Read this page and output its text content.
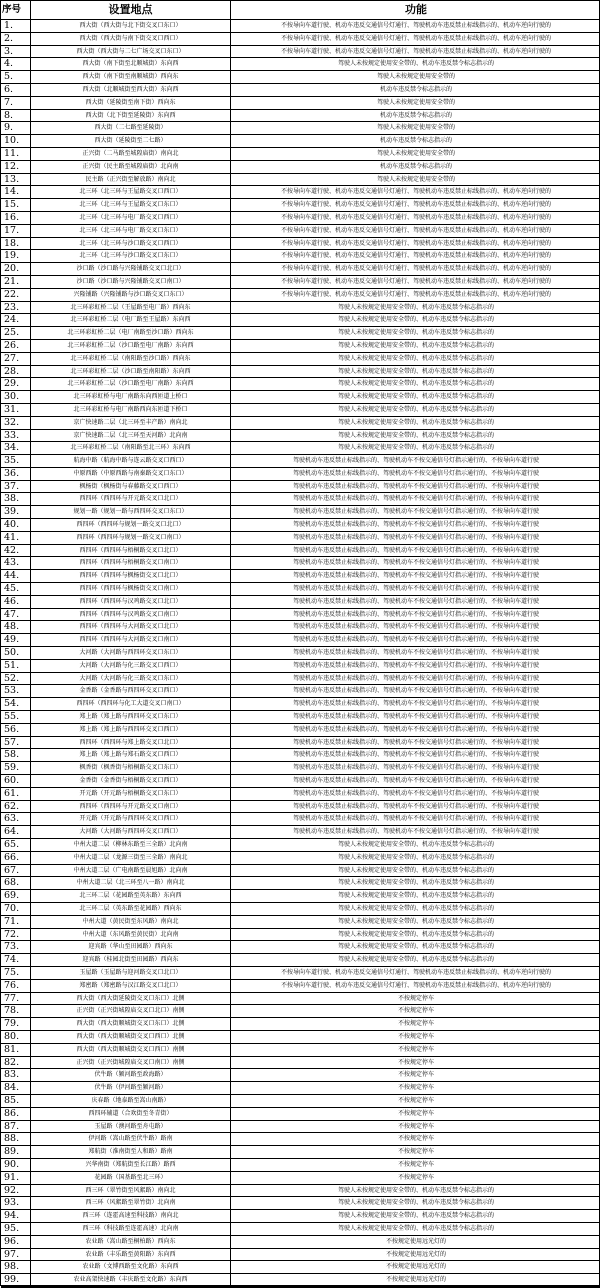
序号	设置地点	功能
1.	西大街（西大街与北下街交叉口东口）	不按导向车道行驶、机动车违反交通信号灯通行、驾驶机动车违反禁止标线指示的、机动车逆向行驶的
2.	西大街（西大街与南下街交叉口西口）	不按导向车道行驶、机动车违反交通信号灯通行、驾驶机动车违反禁止标线指示的、机动车逆向行驶的
3.	西大街（西大街与二七广场交叉口东口）	不按导向车道行驶、机动车违反交通信号灯通行、驾驶机动车违反禁止标线指示的、机动车逆向行驶的
4.	西大街（南下街至北顺城街）东向西	驾驶人未按规定使用安全带的、机动车违反禁令标志指示的
5.	西大街（南下街至南顺城街）西向东	驾驶人未按规定使用安全带的
6.	西大街（北顺城街至西大街）东向西	机动车违反禁令标志指示的
7.	西大街（延陵街至南下街）西向东	驾驶人未按规定使用安全带的
8.	西大街（北下街至延陵街）东向西	机动车违反禁令标志指示的
9.	西大街（二七路至延陵街）	驾驶人未按规定使用安全带的
10.	西大街（延陵街至二七路）	机动车违反禁令标志指示的
11.	正兴街（二马路至城隍庙街）南向北	驾驶人未按规定使用安全带的
12.	正兴街（民主路至城隍庙街）北向南	机动车违反禁令标志指示的
13.	民主路（正兴街至解放路）南向北	驾驶人未按规定使用安全带的
14.	北三环（北三环与王屋路交叉口西口）	不按导向车道行驶、机动车违反交通信号灯通行、驾驶机动车违反禁止标线指示的、机动车逆向行驶的
15.	北三环（北三环与王屋路交叉口东口）	不按导向车道行驶、机动车违反交通信号灯通行、驾驶机动车违反禁止标线指示的、机动车逆向行驶的
16.	北三环（北三环与电厂路交叉口西口）	不按导向车道行驶、机动车违反交通信号灯通行、驾驶机动车违反禁止标线指示的、机动车逆向行驶的
17.	北三环（北三环与电厂路交叉口东口）	不按导向车道行驶、机动车违反交通信号灯通行、驾驶机动车违反禁止标线指示的、机动车逆向行驶的
18.	北三环（北三环与沙口路交叉口西口）	不按导向车道行驶、机动车违反交通信号灯通行、驾驶机动车违反禁止标线指示的、机动车逆向行驶的
19.	北三环（北三环与沙口路交叉口东口）	不按导向车道行驶、机动车违反交通信号灯通行、驾驶机动车违反禁止标线指示的、机动车逆向行驶的
20.	沙口路（沙口路与兴隆铺路交叉口北口）	不按导向车道行驶、机动车违反交通信号灯通行、驾驶机动车违反禁止标线指示的、机动车逆向行驶的
21.	沙口路（沙口路与兴隆铺路交叉口南口）	不按导向车道行驶、机动车违反交通信号灯通行、驾驶机动车违反禁止标线指示的、机动车逆向行驶的
22.	兴隆铺路（兴隆铺路与沙口路交叉口东口）	不按导向车道行驶、机动车违反交通信号灯通行、驾驶机动车违反禁止标线指示的、机动车逆向行驶的
23.	北三环彩虹桥二层（王屋路至电厂路）西向东	驾驶人未按规定使用安全带的、机动车违反禁令标志指示的
24.	北三环彩虹桥二层（电厂路至王屋路）东向西	驾驶人未按规定使用安全带的、机动车违反禁令标志指示的
25.	北三环彩虹桥二层（电厂南路至沙口路）西向东	驾驶人未按规定使用安全带的、机动车违反禁令标志指示的
26.	北三环彩虹桥二层（沙口路至电厂南路）东向西	驾驶人未按规定使用安全带的、机动车违反禁令标志指示的
27.	北三环彩虹桥二层（南阳路至沙口路）西向东	驾驶人未按规定使用安全带的、机动车违反禁令标志指示的
28.	北三环彩虹桥二层（沙口路至南阳路）东向西	驾驶人未按规定使用安全带的、机动车违反禁令标志指示的
29.	北三环彩虹桥二层（沙口路至电厂南路）东向西	驾驶人未按规定使用安全带的、机动车违反禁令标志指示的
30.	北三环彩虹桥与电厂南路东向西匝道上桥口	驾驶人未按规定使用安全带的、机动车违反禁令标志指示的
31.	北三环彩虹桥与电厂南路西向东匝道下桥口	驾驶人未按规定使用安全带的、机动车违反禁令标志指示的
32.	京广快速路二层（北三环至丰产路）南向北	驾驶人未按规定使用安全带的、机动车违反禁令标志指示的
33.	京广快速路二层（北三环至天河路）北向南	驾驶人未按规定使用安全带的、机动车违反禁令标志指示的
34.	北三环彩虹桥二层（南阳路至北三环）东向西	驾驶人未按规定使用安全带的、机动车违反禁令标志指示的
35.	航海中路（航海中路与连云路交叉口西口）	驾驶机动车违反禁止标线指示的、驾驶机动车不按交通信号灯指示通行的、不按导向车道行驶
36.	中原西路（中原西路与南秦路交叉口东口）	驾驶机动车违反禁止标线指示的、驾驶机动车不按交通信号灯指示通行的、不按导向车道行驶
37.	枫杨街（枫杨街与春藤路交叉口西口）	驾驶机动车违反禁止标线指示的、驾驶机动车不按交通信号灯指示通行的、不按导向车道行驶
38.	西四环（西四环与开元路交叉口北口）	驾驶机动车违反禁止标线指示的、驾驶机动车不按交通信号灯指示通行的、不按导向车道行驶
39.	规划一路（规划一路与西四环交叉口东口）	驾驶机动车违反禁止标线指示的、驾驶机动车不按交通信号灯指示通行的、不按导向车道行驶
40.	西四环（西四环与规划一路交叉口北口）	驾驶机动车违反禁止标线指示的、驾驶机动车不按交通信号灯指示通行的、不按导向车道行驶
41.	西四环（西四环与规划一路交叉口南口）	驾驶机动车违反禁止标线指示的、驾驶机动车不按交通信号灯指示通行的、不按导向车道行驶
42.	西四环（西四环与梧桐路交叉口北口）	驾驶机动车违反禁止标线指示的、驾驶机动车不按交通信号灯指示通行的、不按导向车道行驶
43.	西四环（西四环与梧桐路交叉口南口）	驾驶机动车违反禁止标线指示的、驾驶机动车不按交通信号灯指示通行的、不按导向车道行驶
44.	西四环（西四环与枫杨街交叉口北口）	驾驶机动车违反禁止标线指示的、驾驶机动车不按交通信号灯指示通行的、不按导向车道行驶
45.	西四环（西四环与枫杨街交叉口南口）	驾驶机动车违反禁止标线指示的、驾驶机动车不按交通信号灯指示通行的、不按导向车道行驶
46.	西四环（西四环与汉鸡路交叉口北口）	驾驶机动车违反禁止标线指示的、驾驶机动车不按交通信号灯指示通行的、不按导向车道行驶
47.	西四环（西四环与汉鸡路交叉口南口）	驾驶机动车违反禁止标线指示的、驾驶机动车不按交通信号灯指示通行的、不按导向车道行驶
48.	西四环（西四环与大河路交叉口北口）	驾驶机动车违反禁止标线指示的、驾驶机动车不按交通信号灯指示通行的、不按导向车道行驶
49.	西四环（西四环与大河路交叉口南口）	驾驶机动车违反禁止标线指示的、驾驶机动车不按交通信号灯指示通行的、不按导向车道行驶
50.	大河路（大河路与西四环交叉口东口）	驾驶机动车违反禁止标线指示的、驾驶机动车不按交通信号灯指示通行的、不按导向车道行驶
51.	大河路（大河路与化三路交叉口西口）	驾驶机动车违反禁止标线指示的、驾驶机动车不按交通信号灯指示通行的、不按导向车道行驶
52.	大河路（大河路与化三路交叉口东口）	驾驶机动车违反禁止标线指示的、驾驶机动车不按交通信号灯指示通行的、不按导向车道行驶
53.	金香路（金香路与西四环交叉口西口）	驾驶机动车违反禁止标线指示的、驾驶机动车不按交通信号灯指示通行的、不按导向车道行驶
54.	西四环（西四环与化工大道交叉口南口）	驾驶机动车违反禁止标线指示的、驾驶机动车不按交通信号灯指示通行的、不按导向车道行驶
55.	郑上路（郑上路与西四环交叉口东口）	驾驶机动车违反禁止标线指示的、驾驶机动车不按交通信号灯指示通行的、不按导向车道行驶
56.	郑上路（郑上路与西四环交叉口西口）	驾驶机动车违反禁止标线指示的、驾驶机动车不按交通信号灯指示通行的、不按导向车道行驶
57.	西四环（西四环与郑上路交叉口北口）	驾驶机动车违反禁止标线指示的、驾驶机动车不按交通信号灯指示通行的、不按导向车道行驶
58.	郑上路（郑上路与郑石路交叉口西口）	驾驶机动车违反禁止标线指示的、驾驶机动车不按交通信号灯指示通行的、不按导向车道行驶
59.	枫香街（枫香街与梧桐路交叉口东口）	驾驶机动车违反禁止标线指示的、驾驶机动车不按交通信号灯指示通行的、不按导向车道行驶
60.	金香街（金香街与梧桐路交叉口西口）	驾驶机动车违反禁止标线指示的、驾驶机动车不按交通信号灯指示通行的、不按导向车道行驶
61.	开元路（开元路与梧桐路交叉口东口）	驾驶机动车违反禁止标线指示的、驾驶机动车不按交通信号灯指示通行的、不按导向车道行驶
62.	西四环（西四环与开元路交叉口南口）	驾驶机动车违反禁止标线指示的、驾驶机动车不按交通信号灯指示通行的、不按导向车道行驶
63.	开元路（开元路与西四环交叉口西口）	驾驶机动车违反禁止标线指示的、驾驶机动车不按交通信号灯指示通行的、不按导向车道行驶
64.	大河路（大河路与西四环交叉口西口）	驾驶机动车违反禁止标线指示的、驾驶机动车不按交通信号灯指示通行的、不按导向车道行驶
65.	中州大道二层（柳林东路至三全路）北向南	驾驶人未按规定使用安全带的、机动车违反禁令标志指示的
66.	中州大道二层（龙源三街至三全路）南向北	驾驶人未按规定使用安全带的、机动车违反禁令标志指示的
67.	中州大道二层（广电南路至晨旭路）北向南	驾驶人未按规定使用安全带的、机动车违反禁令标志指示的
68.	中州大道二层（北三环至八一路）南向北	驾驶人未按规定使用安全带的、机动车违反禁令标志指示的
69.	北三环二层（花园路至英东路）东向西	驾驶人未按规定使用安全带的、机动车违反禁令标志指示的
70.	北三环二层（英东路至花园路）西向东	驾驶人未按规定使用安全带的、机动车违反禁令标志指示的
71.	中州大道（黄民街至东风路）南向北	驾驶人未按规定使用安全带的、机动车违反禁令标志指示的
72.	中州大道（东风路至黄民街）北向南	驾驶人未按规定使用安全带的、机动车违反禁令标志指示的
73.	迎宾路（华山至田园路）西向东	驾驶人未按规定使用安全带的、机动车违反禁令标志指示的
74.	迎宾路（桂园北街至田园路）西向东	驾驶人未按规定使用安全带的、机动车违反禁令标志指示的
75.	玉屋路（玉屋路与迎河路交叉口北口）	不按导向车道行驶、机动车违反交通信号灯通行、驾驶机动车违反禁止标线指示的、机动车逆向行驶的
76.	郑密路（郑密路与汉江路交叉口北口）	不按导向车道行驶、机动车违反交通信号灯通行、驾驶机动车违反禁止标线指示的、机动车逆向行驶的
77.	西大街（西大街延陵街交叉口东口）北侧	不按规定停车
78.	正兴街（正兴街城隍庙交叉口北口）南侧	不按规定停车
79.	西大街（西大街顺城街交叉口东口）北侧	不按规定停车
80.	西大街（西大街顺城街交叉口西口）北侧	不按规定停车
81.	西大街（西大街顺城街交叉口西口）南侧	不按规定停车
82.	正兴街（正兴街城隍庙交叉口南口）南侧	不按规定停车
83.	伏牛路（颍河路至政海路）	不按规定停车
84.	伏牛路（伊河路至颍河路）	不按规定停车
85.	庆春路（地泰路至嵩山南路）	不按规定停车
86.	西四环辅道（合欢街至冬青街）	不按规定停车
87.	玉屋路（澳河路至舟屯路）	不按规定停车
88.	伊河路（嵩山路至伏牛路）路南	不按规定停车
89.	郑航街（淮南街至人和路）路南	不按规定停车
90.	兴华南街（郑航街至长江路）路西	不按规定停车
91.	花园路（国基路至北三环）	不按规定停车
92.	西三环（翠竹街至风絮路）南向北	驾驶人未按规定使用安全带的、机动车违反禁令标志指示的
93.	西三环（风絮路至翠竹街）北向南	驾驶人未按规定使用安全带的、机动车违反禁令标志指示的
94.	西三环（连霍高速至科技路）南向北	驾驶人未按规定使用安全带的、机动车违反禁令标志指示的
95.	西三环（科技路至连霍高速）北向南	驾驶人未按规定使用安全带的、机动车违反禁令标志指示的
96.	农业路（嵩山路至桐柏路）西向东	不按规定使用远光灯的
97.	农业路（丰乐路至黄阳路）东向西	不按规定使用远光灯的
98.	农业路（文博西路至文化路）东向西	不按规定使用远光灯的
99.	农业高架快速路（丰庆路至文化路）东向西	不按规定使用远光灯的
